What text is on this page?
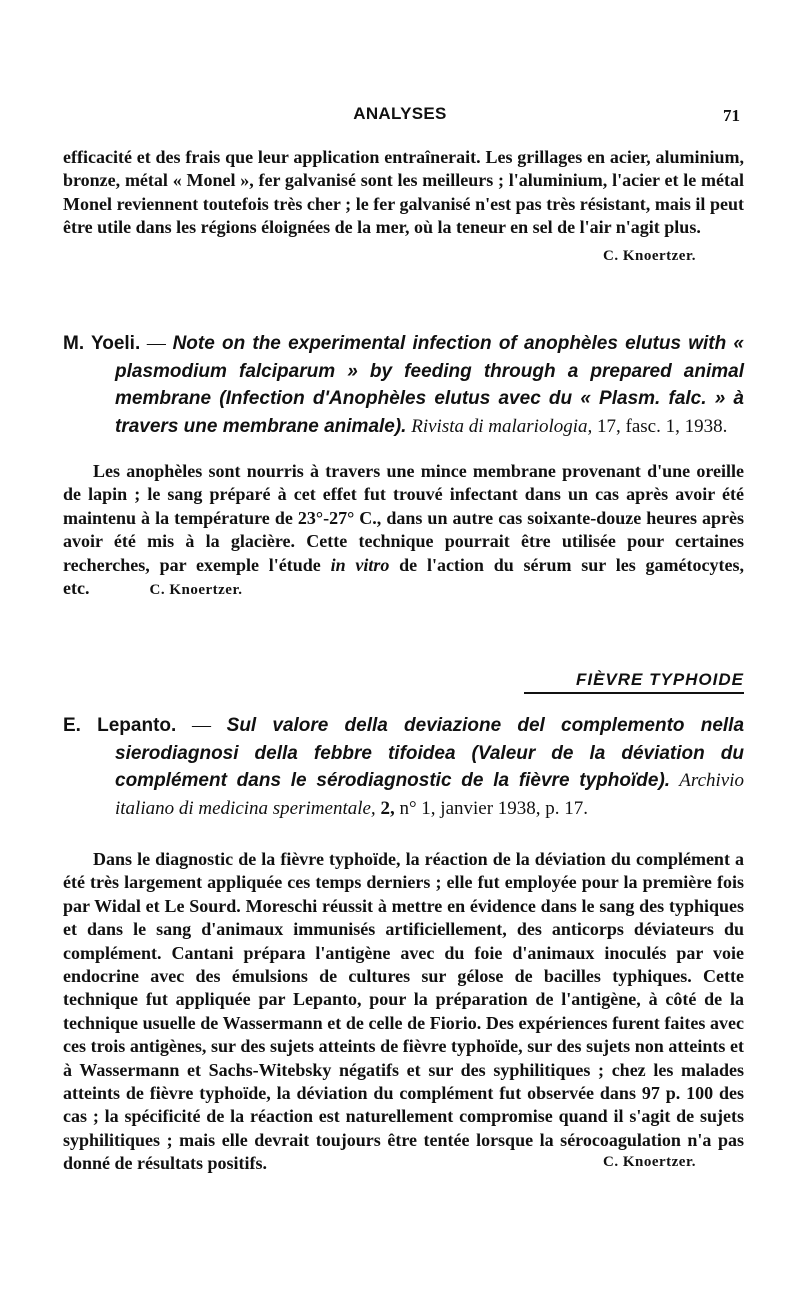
ANALYSES	71

efficacité et des frais que leur application entraînerait. Les grillages en acier, aluminium, bronze, métal « Monel », fer galvanisé sont les meilleurs ; l'aluminium, l'acier et le métal Monel reviennent toutefois très cher ; le fer galvanisé n'est pas très résistant, mais il peut être utile dans les régions éloignées de la mer, où la teneur en sel de l'air n'agit plus.

C. Knoertzer.

M. Yoeli. — Note on the experimental infection of anophèles elutus with « plasmodium falciparum » by feeding through a prepared animal membrane (Infection d'Anophèles elutus avec du « Plasm. falc. » à travers une membrane animale). Rivista di malariologia, 17, fasc. 1, 1938.

Les anophèles sont nourris à travers une mince membrane provenant d'une oreille de lapin ; le sang préparé à cet effet fut trouvé infectant dans un cas après avoir été maintenu à la température de 23°-27° C., dans un autre cas soixante-douze heures après avoir été mis à la glacière. Cette technique pourrait être utilisée pour certaines recherches, par exemple l'étude in vitro de l'action du sérum sur les gamétocytes, etc.	C. Knoertzer.

FIÈVRE TYPHOIDE

E. Lepanto. — Sul valore della deviazione del complemento nella sierodiagnosi della febbre tifoidea (Valeur de la déviation du complément dans le sérodiagnostic de la fièvre typhoïde). Archivio italiano di medicina sperimentale, 2, n° 1, janvier 1938, p. 17.

Dans le diagnostic de la fièvre typhoïde, la réaction de la déviation du complément a été très largement appliquée ces temps derniers ; elle fut employée pour la première fois par Widal et Le Sourd. Moreschi réussit à mettre en évidence dans le sang des typhiques et dans le sang d'animaux immunisés artificiellement, des anticorps déviateurs du complément. Cantani prépara l'antigène avec du foie d'animaux inoculés par voie endocrine avec des émulsions de cultures sur gélose de bacilles typhiques. Cette technique fut appliquée par Lepanto, pour la préparation de l'antigène, à côté de la technique usuelle de Wassermann et de celle de Fiorio. Des expériences furent faites avec ces trois antigènes, sur des sujets atteints de fièvre typhoïde, sur des sujets non atteints et à Wassermann et Sachs-Witebsky négatifs et sur des syphilitiques ; chez les malades atteints de fièvre typhoïde, la déviation du complément fut observée dans 97 p. 100 des cas ; la spécificité de la réaction est naturellement compromise quand il s'agit de sujets syphilitiques ; mais elle devrait toujours être tentée lorsque la sérocoagulation n'a pas donné de résultats positifs.	C. Knoertzer.
